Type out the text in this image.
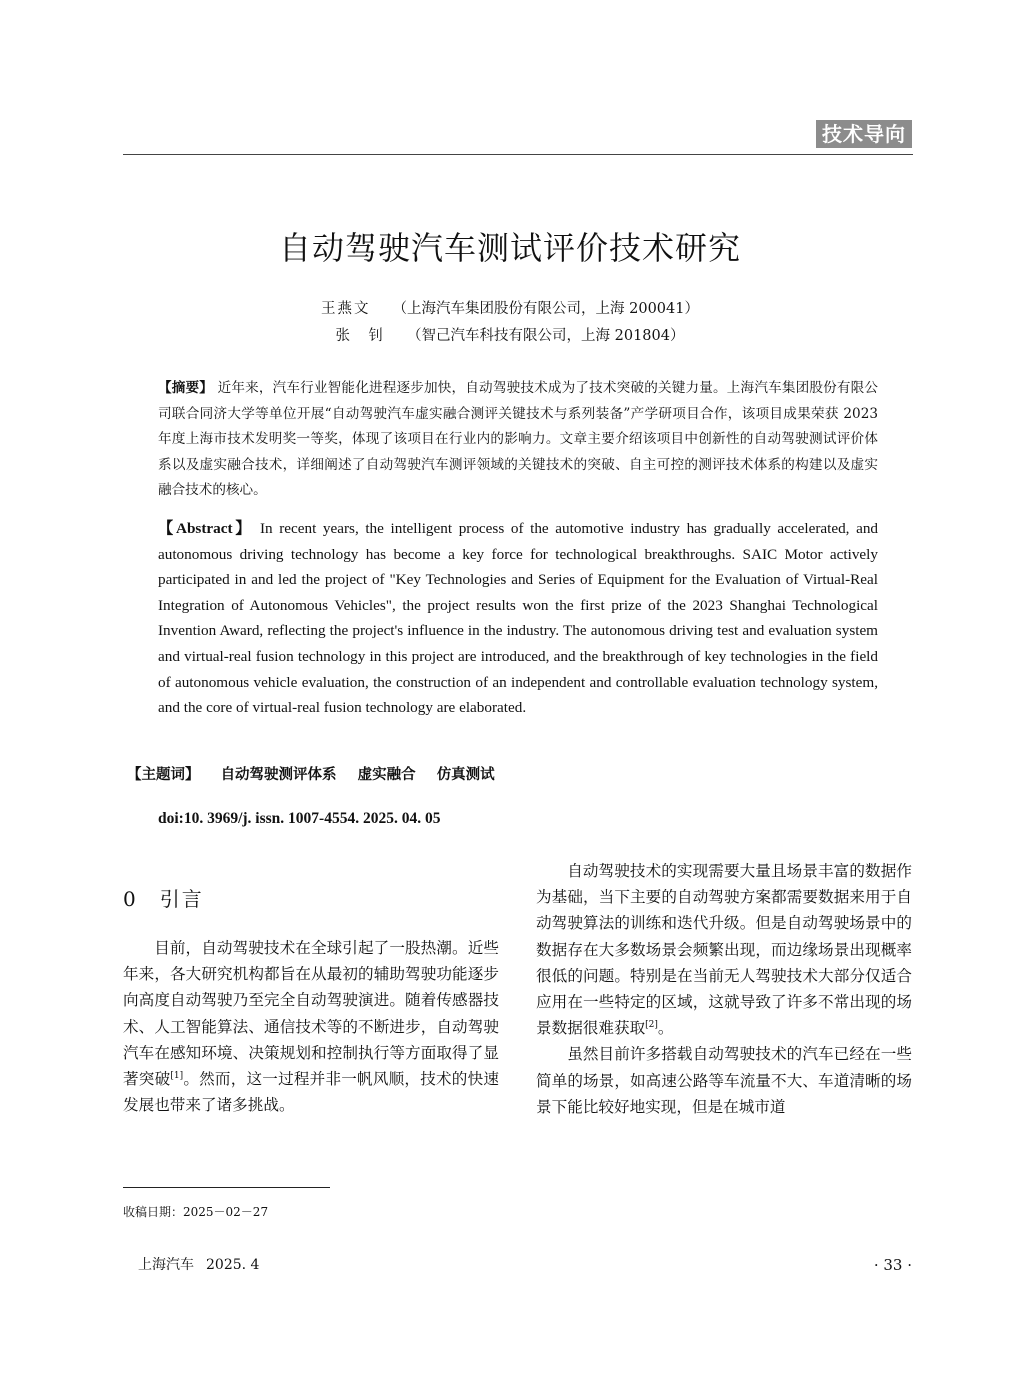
技术导向
自动驾驶汽车测试评价技术研究
王燕文 （上海汽车集团股份有限公司，上海 200041）
张　钊 （智己汽车科技有限公司，上海 201804）

【摘要】 近年来，汽车行业智能化进程逐步加快，自动驾驶技术成为了技术突破的关键力量。上海汽车集团股份有限公司联合同济大学等单位开展“自动驾驶汽车虚实融合测评关键技术与系列装备”产学研项目合作，该项目成果荣获 2023 年度上海市技术发明奖一等奖，体现了该项目在行业内的影响力。文章主要介绍该项目中创新性的自动驾驶测试评价体系以及虚实融合技术，详细阐述了自动驾驶汽车测评领域的关键技术的突破、自主可控的测评技术体系的构建以及虚实融合技术的核心。

【Abstract】 In recent years, the intelligent process of the automotive industry has gradually accelerated, and autonomous driving technology has become a key force for technological breakthroughs. SAIC Motor actively participated in and led the project of "Key Technologies and Series of Equipment for the Evaluation of Virtual-Real Integration of Autonomous Vehicles", the project results won the first prize of the 2023 Shanghai Technological Invention Award, reflecting the project's influence in the industry. The autonomous driving test and evaluation system and virtual-real fusion technology in this project are introduced, and the breakthrough of key technologies in the field of autonomous vehicle evaluation, the construction of an independent and controllable evaluation technology system, and the core of virtual-real fusion technology are elaborated.

【主题词】 自动驾驶测评体系 虚实融合 仿真测试
doi:10. 3969/j. issn. 1007-4554. 2025. 04. 05
0 引言

目前，自动驾驶技术在全球引起了一股热潮。近些年来，各大研究机构都旨在从最初的辅助驾驶功能逐步向高度自动驾驶乃至完全自动驾驶演进。随着传感器技术、人工智能算法、通信技术等的不断进步，自动驾驶汽车在感知环境、决策规划和控制执行等方面取得了显著突破[1]。然而，这一过程并非一帆风顺，技术的快速发展也带来了诸多挑战。

自动驾驶技术的实现需要大量且场景丰富的数据作为基础，当下主要的自动驾驶方案都需要数据来用于自动驾驶算法的训练和迭代升级。但是自动驾驶场景中的数据存在大多数场景会频繁出现，而边缘场景出现概率很低的问题。特别是在当前无人驾驶技术大部分仅适合应用在一些特定的区域，这就导致了许多不常出现的场景数据很难获取[2]。

虽然目前许多搭载自动驾驶技术的汽车已经在一些简单的场景，如高速公路等车流量不大、车道清晰的场景下能比较好地实现，但是在城市道

收稿日期：2025－02－27
上海汽车 2025. 4	· 33 ·
